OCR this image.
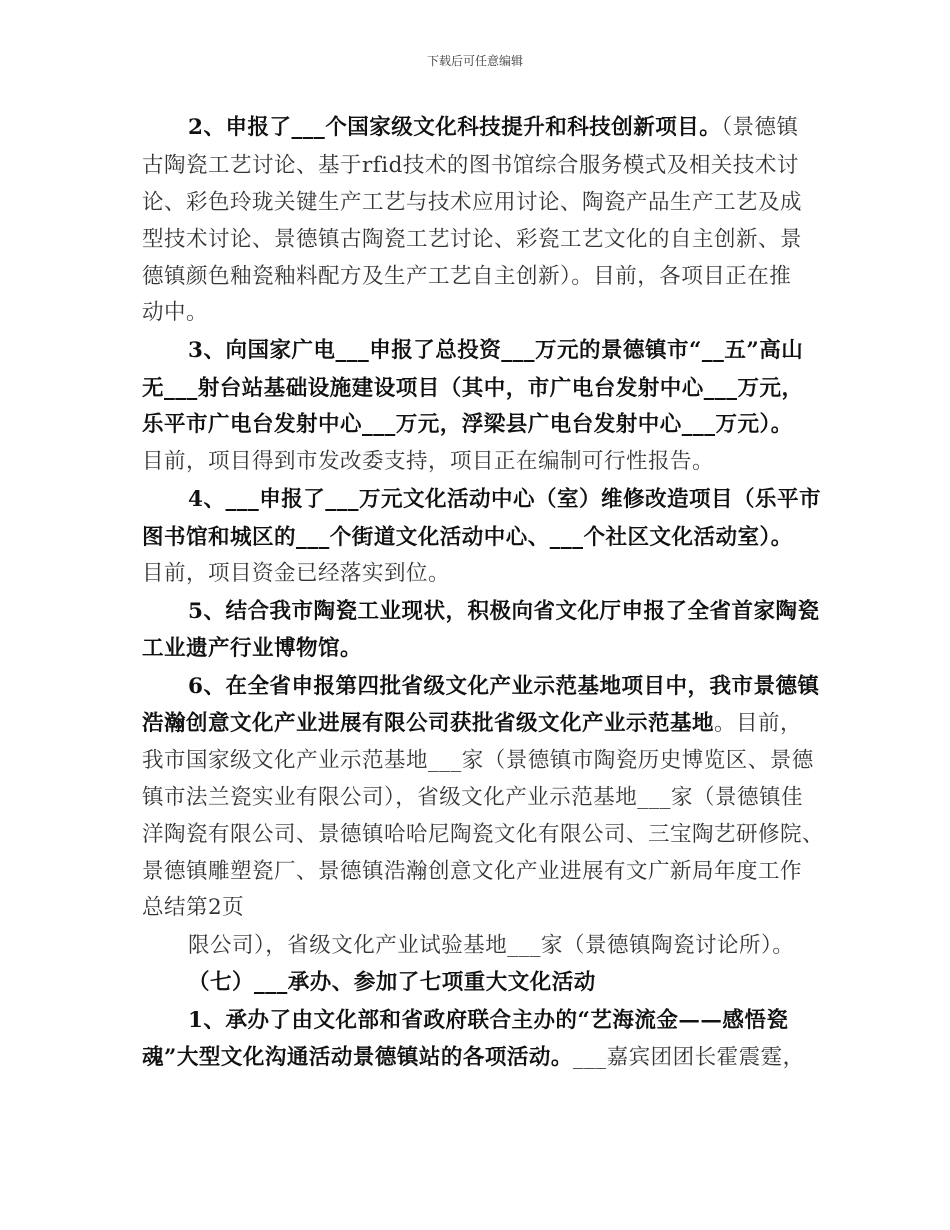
下载后可任意编辑
2、申报了___个国家级文化科技提升和科技创新项目。（景德镇
古陶瓷工艺讨论、基于rfid技术的图书馆综合服务模式及相关技术讨
论、彩色玲珑关键生产工艺与技术应用讨论、陶瓷产品生产工艺及成
型技术讨论、景德镇古陶瓷工艺讨论、彩瓷工艺文化的自主创新、景
德镇颜色釉瓷釉料配方及生产工艺自主创新）。目前，各项目正在推
动中。
3、向国家广电___申报了总投资___万元的景德镇市“__五”高山
无___射台站基础设施建设项目（其中，市广电台发射中心___万元，
乐平市广电台发射中心___万元，浮梁县广电台发射中心___万元）。
目前，项目得到市发改委支持，项目正在编制可行性报告。
4、___申报了___万元文化活动中心（室）维修改造项目（乐平市
图书馆和城区的___个街道文化活动中心、___个社区文化活动室）。
目前，项目资金已经落实到位。
5、结合我市陶瓷工业现状，积极向省文化厅申报了全省首家陶瓷
工业遗产行业博物馆。
6、在全省申报第四批省级文化产业示范基地项目中，我市景德镇
浩瀚创意文化产业进展有限公司获批省级文化产业示范基地。目前，
我市国家级文化产业示范基地___家（景德镇市陶瓷历史博览区、景德
镇市法兰瓷实业有限公司），省级文化产业示范基地___家（景德镇佳
洋陶瓷有限公司、景德镇哈哈尼陶瓷文化有限公司、三宝陶艺研修院、
景德镇雕塑瓷厂、景德镇浩瀚创意文化产业进展有文广新局年度工作
总结第2页
限公司），省级文化产业试验基地___家（景德镇陶瓷讨论所）。
（七）___承办、参加了七项重大文化活动
1、承办了由文化部和省政府联合主办的“艺海流金——感悟瓷
魂”大型文化沟通活动景德镇站的各项活动。___嘉宾团团长霍震霆，
